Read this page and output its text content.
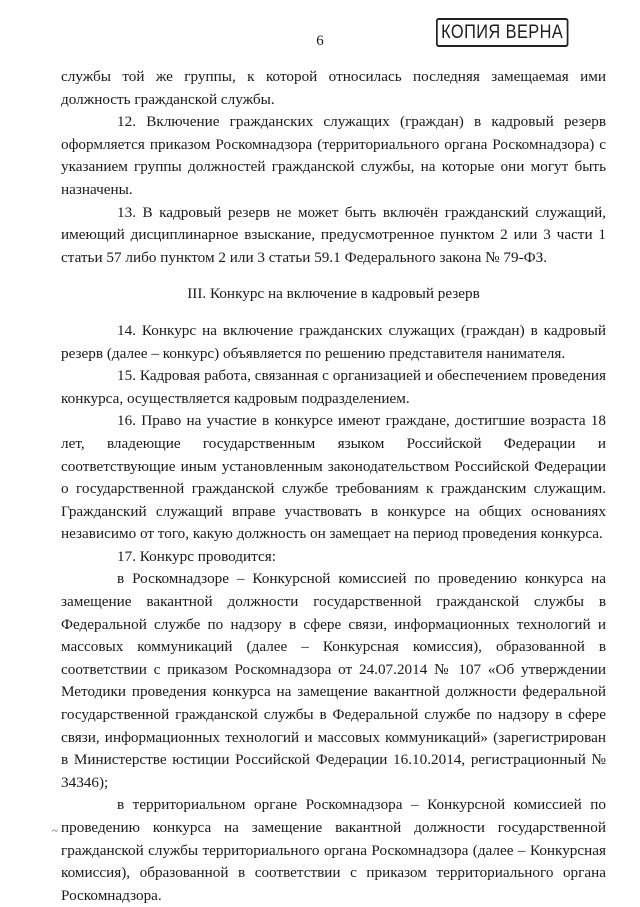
6	КОПИЯ ВЕРНА

службы той же группы, к которой относилась последняя замещаемая ими должность гражданской службы.

12. Включение гражданских служащих (граждан) в кадровый резерв оформляется приказом Роскомнадзора (территориального органа Роскомнадзора) с указанием группы должностей гражданской службы, на которые они могут быть назначены.

13. В кадровый резерв не может быть включён гражданский служащий, имеющий дисциплинарное взыскание, предусмотренное пунктом 2 или 3 части 1 статьи 57 либо пунктом 2 или 3 статьи 59.1 Федерального закона № 79-ФЗ.

III. Конкурс на включение в кадровый резерв

14. Конкурс на включение гражданских служащих (граждан) в кадровый резерв (далее – конкурс) объявляется по решению представителя нанимателя.

15. Кадровая работа, связанная с организацией и обеспечением проведения конкурса, осуществляется кадровым подразделением.

16. Право на участие в конкурсе имеют граждане, достигшие возраста 18 лет, владеющие государственным языком Российской Федерации и соответствующие иным установленным законодательством Российской Федерации о государственной гражданской службе требованиям к гражданским служащим. Гражданский служащий вправе участвовать в конкурсе на общих основаниях независимо от того, какую должность он замещает на период проведения конкурса.

17. Конкурс проводится:

в Роскомнадзоре – Конкурсной комиссией по проведению конкурса на замещение вакантной должности государственной гражданской службы в Федеральной службе по надзору в сфере связи, информационных технологий и массовых коммуникаций (далее – Конкурсная комиссия), образованной в соответствии с приказом Роскомнадзора от 24.07.2014 № 107 «Об утверждении Методики проведения конкурса на замещение вакантной должности федеральной государственной гражданской службы в Федеральной службе по надзору в сфере связи, информационных технологий и массовых коммуникаций» (зарегистрирован в Министерстве юстиции Российской Федерации 16.10.2014, регистрационный № 34346);

в территориальном органе Роскомнадзора – Конкурсной комиссией по проведению конкурса на замещение вакантной должности государственной гражданской службы территориального органа Роскомнадзора (далее – Конкурсная комиссия), образованной в соответствии с приказом территориального органа Роскомнадзора.

~
